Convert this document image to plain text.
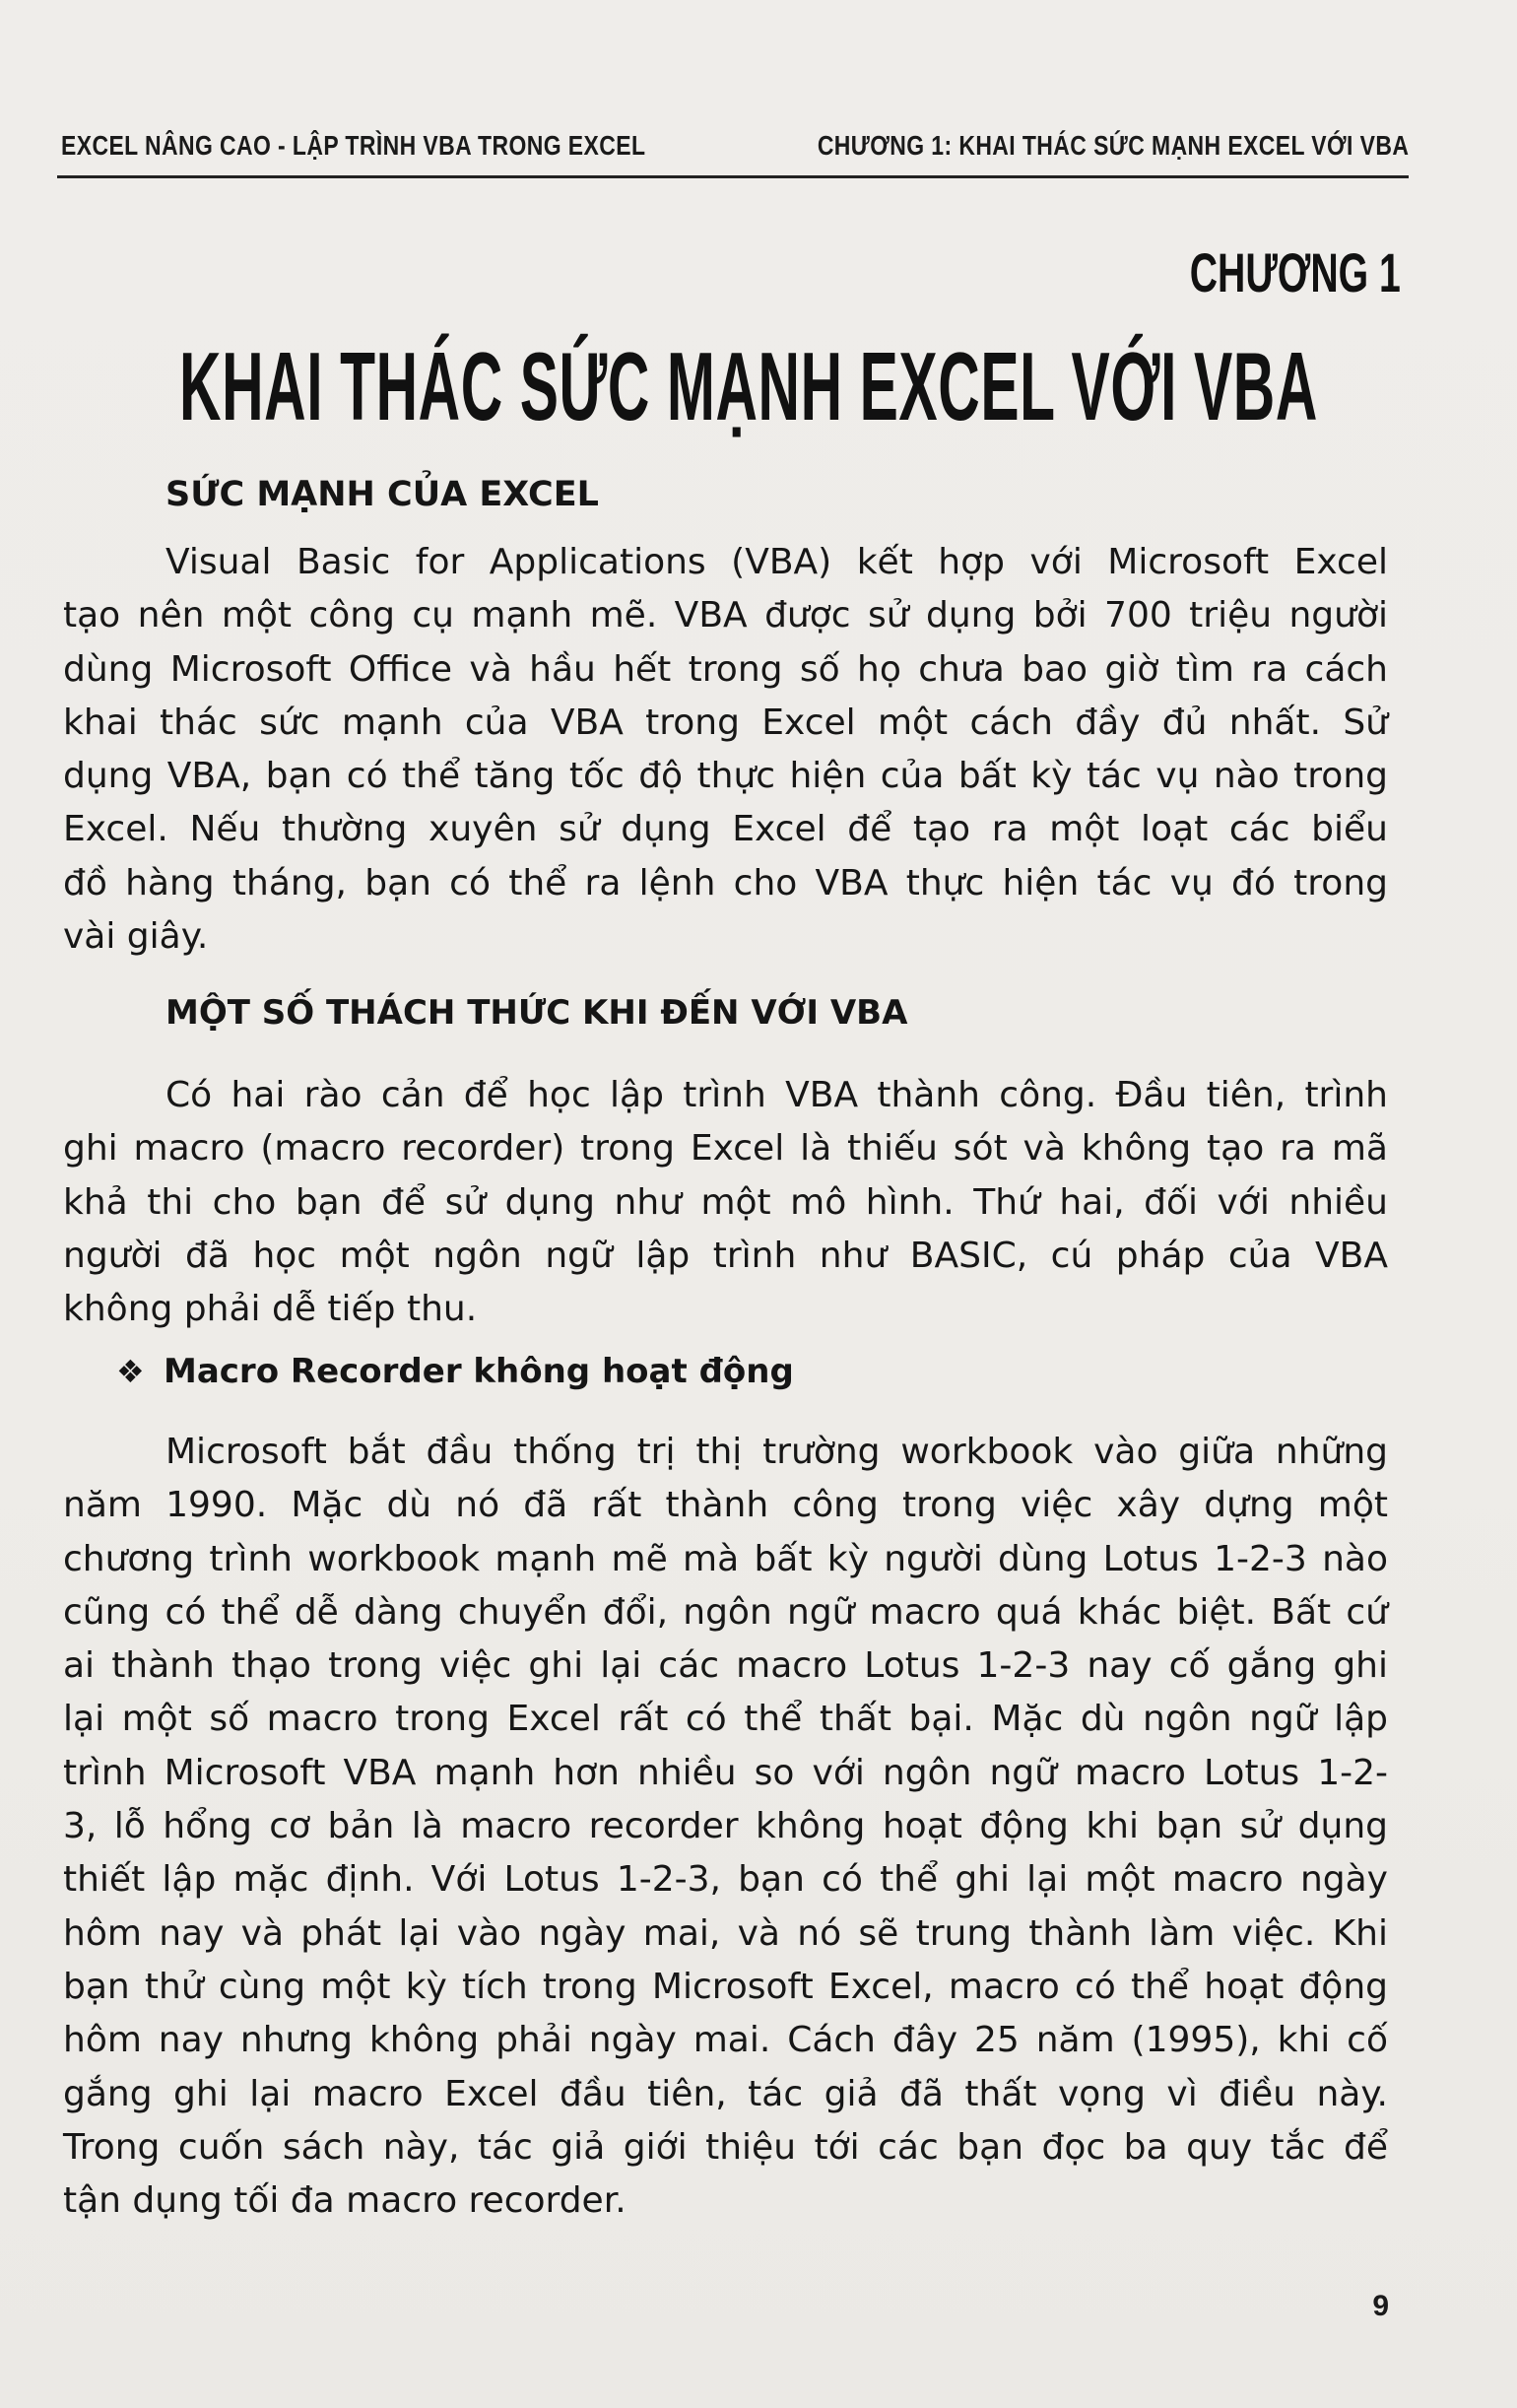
EXCEL NÂNG CAO - LẬP TRÌNH VBA TRONG EXCEL	CHƯƠNG 1: KHAI THÁC SỨC MẠNH EXCEL VỚI VBA
CHƯƠNG 1
KHAI THÁC SỨC MẠNH EXCEL VỚI VBA
SỨC MẠNH CỦA EXCEL
Visual Basic for Applications (VBA) kết hợp với Microsoft Excel
tạo nên một công cụ mạnh mẽ. VBA được sử dụng bởi 700 triệu người
dùng Microsoft Office và hầu hết trong số họ chưa bao giờ tìm ra cách
khai thác sức mạnh của VBA trong Excel một cách đầy đủ nhất. Sử
dụng VBA, bạn có thể tăng tốc độ thực hiện của bất kỳ tác vụ nào trong
Excel. Nếu thường xuyên sử dụng Excel để tạo ra một loạt các biểu
đồ hàng tháng, bạn có thể ra lệnh cho VBA thực hiện tác vụ đó trong
vài giây.
MỘT SỐ THÁCH THỨC KHI ĐẾN VỚI VBA
Có hai rào cản để học lập trình VBA thành công. Đầu tiên, trình
ghi macro (macro recorder) trong Excel là thiếu sót và không tạo ra mã
khả thi cho bạn để sử dụng như một mô hình. Thứ hai, đối với nhiều
người đã học một ngôn ngữ lập trình như BASIC, cú pháp của VBA
không phải dễ tiếp thu.
❖ Macro Recorder không hoạt động
Microsoft bắt đầu thống trị thị trường workbook vào giữa những
năm 1990. Mặc dù nó đã rất thành công trong việc xây dựng một
chương trình workbook mạnh mẽ mà bất kỳ người dùng Lotus 1-2-3 nào
cũng có thể dễ dàng chuyển đổi, ngôn ngữ macro quá khác biệt. Bất cứ
ai thành thạo trong việc ghi lại các macro Lotus 1-2-3 nay cố gắng ghi
lại một số macro trong Excel rất có thể thất bại. Mặc dù ngôn ngữ lập
trình Microsoft VBA mạnh hơn nhiều so với ngôn ngữ macro Lotus 1-2-
3, lỗ hổng cơ bản là macro recorder không hoạt động khi bạn sử dụng
thiết lập mặc định. Với Lotus 1-2-3, bạn có thể ghi lại một macro ngày
hôm nay và phát lại vào ngày mai, và nó sẽ trung thành làm việc. Khi
bạn thử cùng một kỳ tích trong Microsoft Excel, macro có thể hoạt động
hôm nay nhưng không phải ngày mai. Cách đây 25 năm (1995), khi cố
gắng ghi lại macro Excel đầu tiên, tác giả đã thất vọng vì điều này.
Trong cuốn sách này, tác giả giới thiệu tới các bạn đọc ba quy tắc để
tận dụng tối đa macro recorder.
9
